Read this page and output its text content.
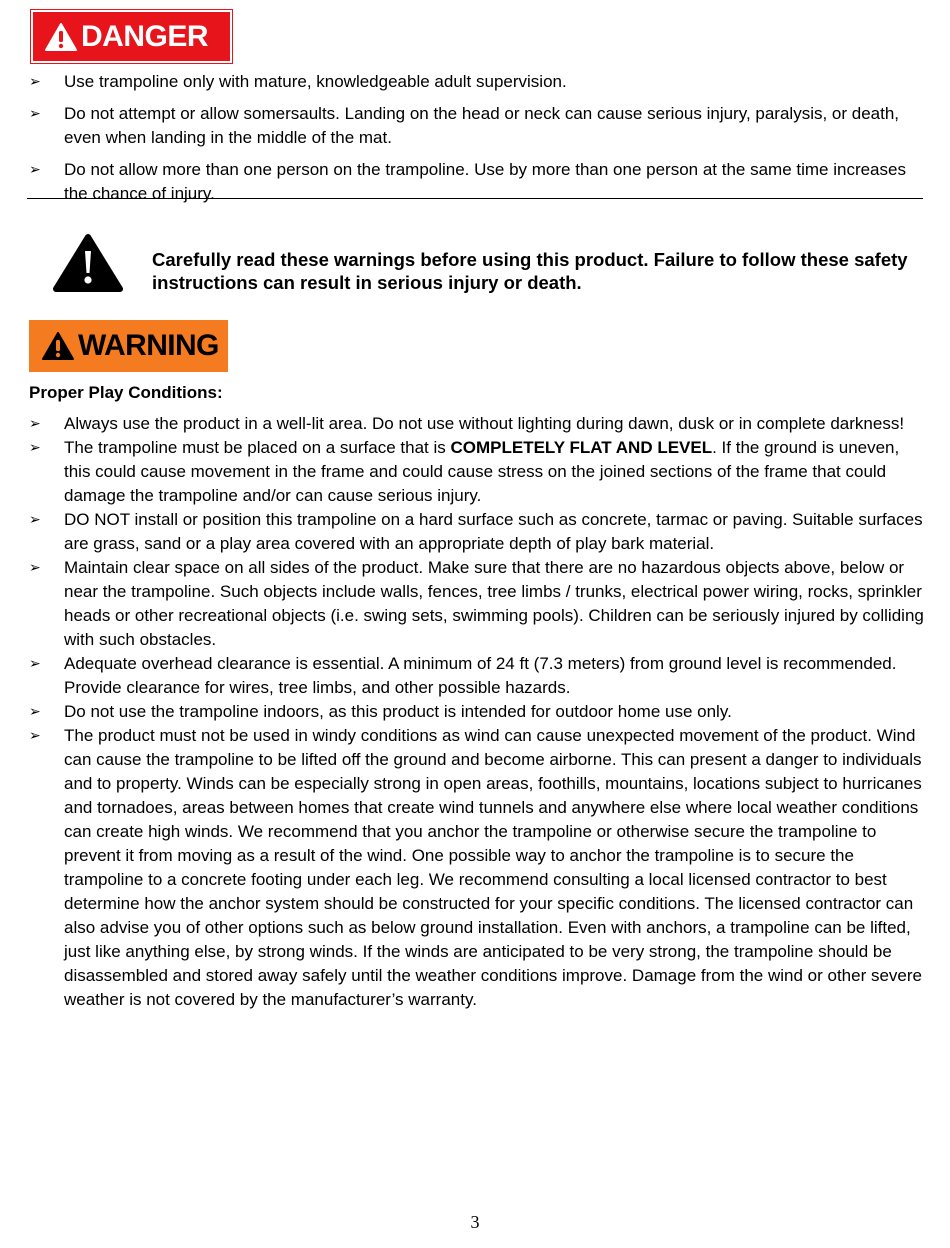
DANGER
➢ Use trampoline only with mature, knowledgeable adult supervision.
➢ Do not attempt or allow somersaults. Landing on the head or neck can cause serious injury, paralysis, or death, even when landing in the middle of the mat.
➢ Do not allow more than one person on the trampoline. Use by more than one person at the same time increases the chance of injury.
Carefully read these warnings before using this product. Failure to follow these safety instructions can result in serious injury or death.
WARNING
Proper Play Conditions:
➢ Always use the product in a well-lit area. Do not use without lighting during dawn, dusk or in complete darkness!
➢ The trampoline must be placed on a surface that is COMPLETELY FLAT AND LEVEL. If the ground is uneven, this could cause movement in the frame and could cause stress on the joined sections of the frame that could damage the trampoline and/or can cause serious injury.
➢ DO NOT install or position this trampoline on a hard surface such as concrete, tarmac or paving. Suitable surfaces are grass, sand or a play area covered with an appropriate depth of play bark material.
➢ Maintain clear space on all sides of the product. Make sure that there are no hazardous objects above, below or near the trampoline. Such objects include walls, fences, tree limbs / trunks, electrical power wiring, rocks, sprinkler heads or other recreational objects (i.e. swing sets, swimming pools). Children can be seriously injured by colliding with such obstacles.
➢ Adequate overhead clearance is essential. A minimum of 24 ft (7.3 meters) from ground level is recommended. Provide clearance for wires, tree limbs, and other possible hazards.
➢ Do not use the trampoline indoors, as this product is intended for outdoor home use only.
➢ The product must not be used in windy conditions as wind can cause unexpected movement of the product. Wind can cause the trampoline to be lifted off the ground and become airborne. This can present a danger to individuals and to property. Winds can be especially strong in open areas, foothills, mountains, locations subject to hurricanes and tornadoes, areas between homes that create wind tunnels and anywhere else where local weather conditions can create high winds. We recommend that you anchor the trampoline or otherwise secure the trampoline to prevent it from moving as a result of the wind. One possible way to anchor the trampoline is to secure the trampoline to a concrete footing under each leg. We recommend consulting a local licensed contractor to best determine how the anchor system should be constructed for your specific conditions. The licensed contractor can also advise you of other options such as below ground installation. Even with anchors, a trampoline can be lifted, just like anything else, by strong winds. If the winds are anticipated to be very strong, the trampoline should be disassembled and stored away safely until the weather conditions improve. Damage from the wind or other severe weather is not covered by the manufacturer’s warranty.
3
